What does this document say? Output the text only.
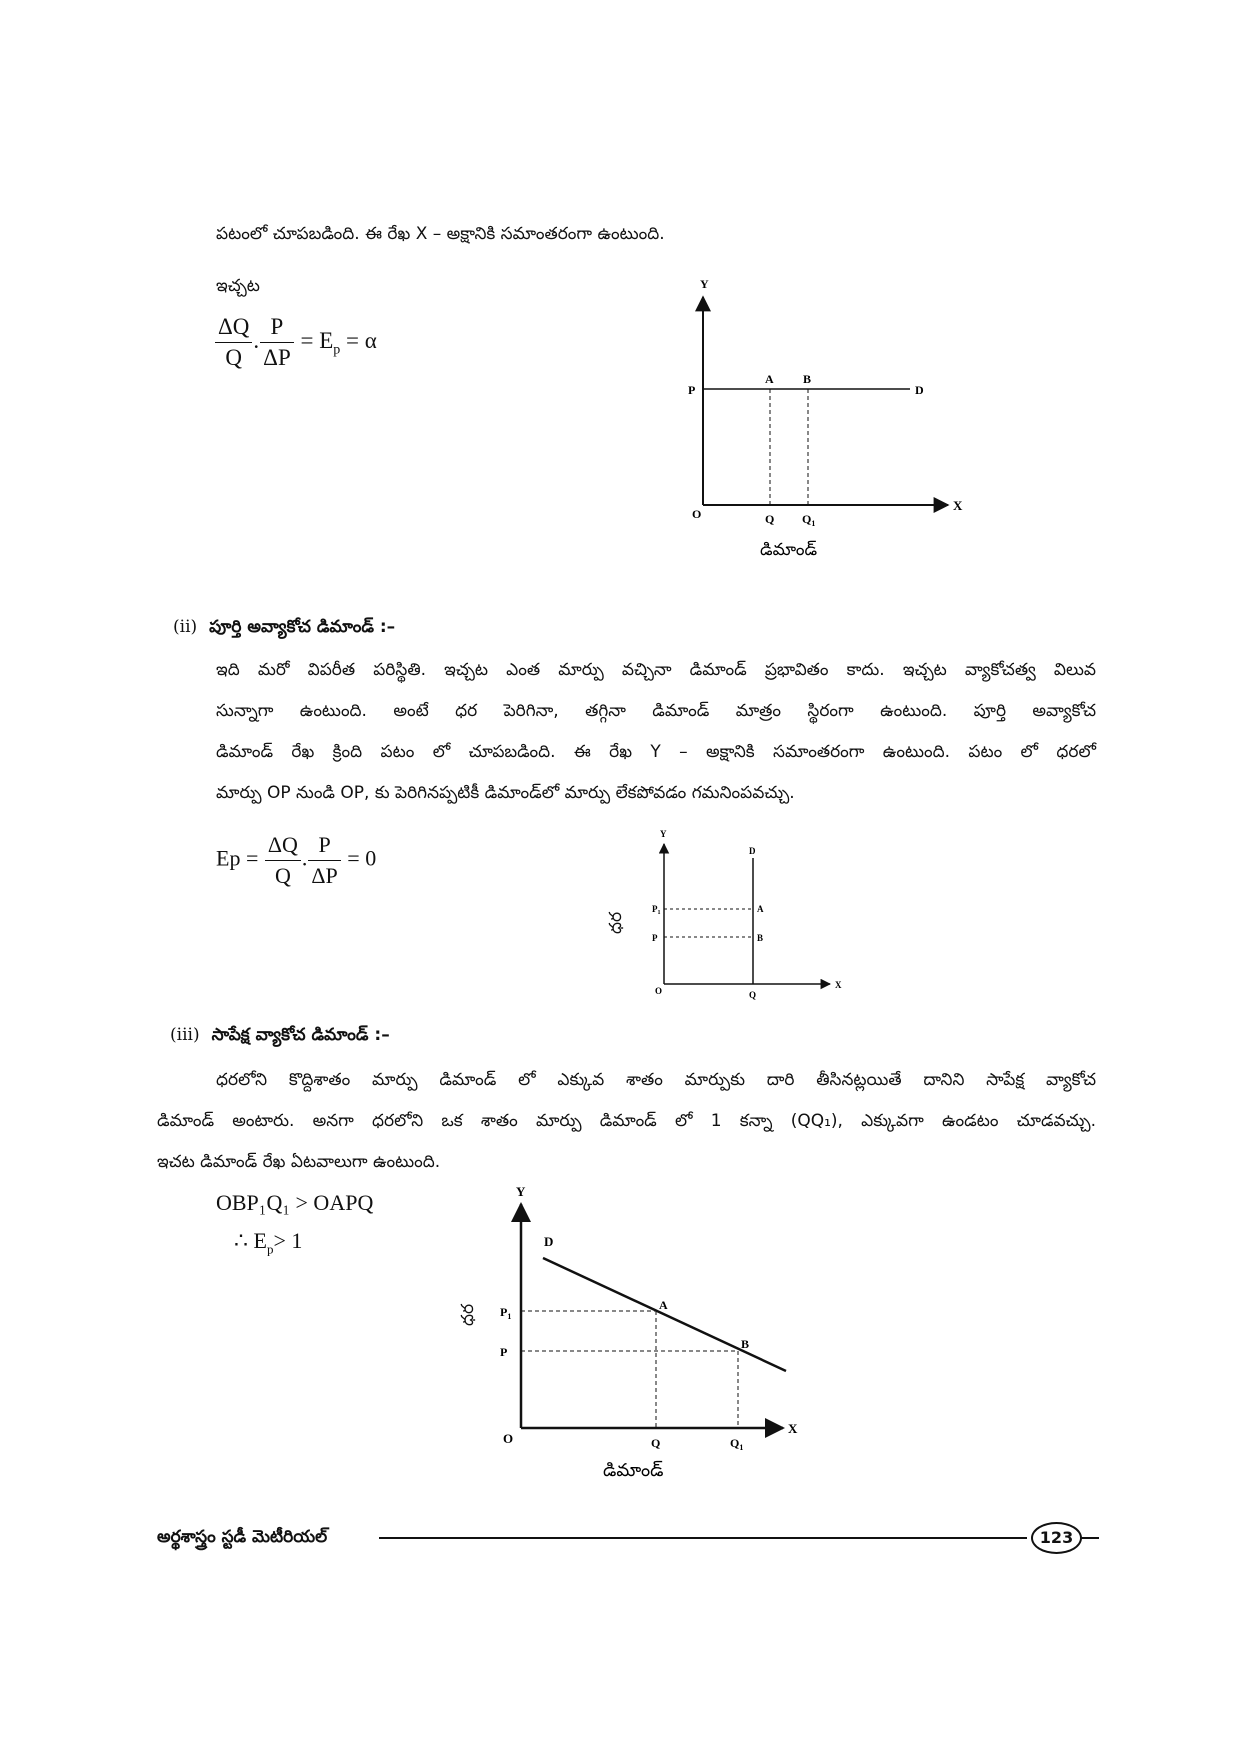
పటంలో చూపబడింది. ఈ రేఖ X – అక్షానికి సమాంతరంగా ఉంటుంది.
ఇచ్చట
$\frac{\Delta Q}{Q}$ . $\frac{P}{\Delta P} = E_p = \alpha$
Y
X
O
P
A B
D
Q $Q_1$
డిమాండ్
(ii) పూర్తి అవ్యాకోచ డిమాండ్ :–
ఇది మరో విపరీత పరిస్థితి. ఇచ్చట ఎంత మార్పు వచ్చినా డిమాండ్ ప్రభావితం కాదు. ఇచ్చట వ్యాకోచత్వ విలువ
సున్నాగా ఉంటుంది. అంటే ధర పెరిగినా, తగ్గినా డిమాండ్ మాత్రం స్థిరంగా ఉంటుంది. పూర్తి అవ్యాకోచ
డిమాండ్ రేఖ క్రింది పటం లో చూపబడింది. ఈ రేఖ Y – అక్షానికి సమాంతరంగా ఉంటుంది. పటం లో ధరలో
మార్పు OP నుండి OP, కు పెరిగినప్పటికీ డిమాండ్‌లో మార్పు లేకపోవడం గమనింపవచ్చు.
$Ep = \frac{\Delta Q}{Q}$ . $\frac{P}{\Delta P} = 0$
Y
X
O
D
$P_1$
P
A
B
Q
ధర
(iii) సాపేక్ష వ్యాకోచ డిమాండ్ :–
ధరలోని కొద్దిశాతం మార్పు డిమాండ్ లో ఎక్కువ శాతం మార్పుకు దారి తీసినట్లయితే దానిని సాపేక్ష వ్యాకోచ
డిమాండ్ అంటారు. అనగా ధరలోని ఒక శాతం మార్పు డిమాండ్ లో 1 కన్నా (QQ₁), ఎక్కువగా ఉండటం చూడవచ్చు.
ఇచట డిమాండ్ రేఖ ఏటవాలుగా ఉంటుంది.
OBP₁Q₁ > OAPQ
∴ $E_p> 1$
Y
X
O
D
$P_1$
P
A
B
Q	$Q_1$
డిమాండ్
ధర
అర్థశాస్త్రం స్టడీ మెటీరియల్	123
